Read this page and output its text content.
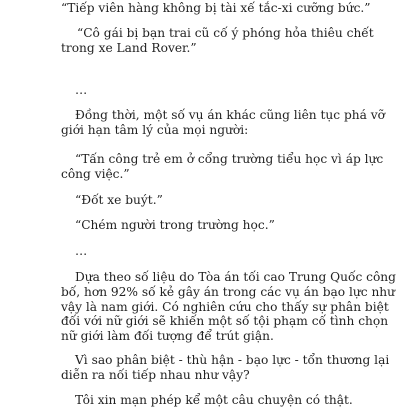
“Tiếp viên hàng không bị tài xế tắc-xi cưỡng bức.”

“Cô gái bị bạn trai cũ cố ý phóng hỏa thiêu chết
trong xe Land Rover.”

…

Đồng thời, một số vụ án khác cũng liên tục phá vỡ
giới hạn tâm lý của mọi người:

“Tấn công trẻ em ở cổng trường tiểu học vì áp lực
công việc.”

“Đốt xe buýt.”

“Chém người trong trường học.”

…

Dựa theo số liệu do Tòa án tối cao Trung Quốc công
bố, hơn 92% số kẻ gây án trong các vụ án bạo lực như
vậy là nam giới. Có nghiên cứu cho thấy sự phân biệt
đối với nữ giới sẽ khiến một số tội phạm cố tình chọn
nữ giới làm đối tượng để trút giận.

Vì sao phân biệt - thù hận - bạo lực - tổn thương lại
diễn ra nối tiếp nhau như vậy?

Tôi xin mạn phép kể một câu chuyện có thật.
